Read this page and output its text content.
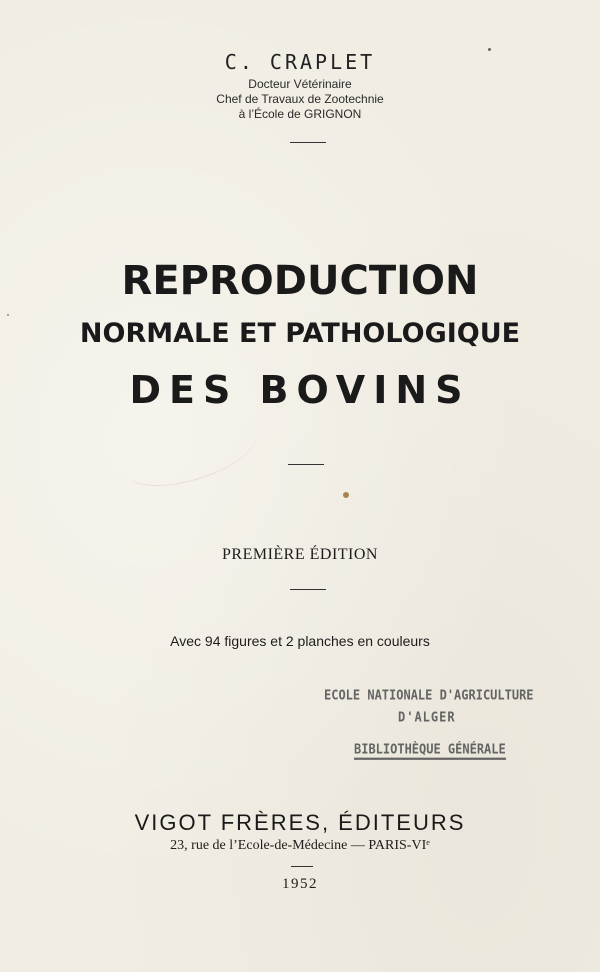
C. CRAPLET
Docteur Vétérinaire
Chef de Travaux de Zootechnie
à l’École de GRIGNON
REPRODUCTION
NORMALE ET PATHOLOGIQUE
DES BOVINS
PREMIÈRE ÉDITION
Avec 94 figures et 2 planches en couleurs
ECOLE NATIONALE D'AGRICULTURE
D'ALGER
BIBLIOTHÈQUE GÉNÉRALE
VIGOT FRÈRES, ÉDITEURS
23, rue de l’Ecole-de-Médecine — PARIS-VIᵉ
1952
